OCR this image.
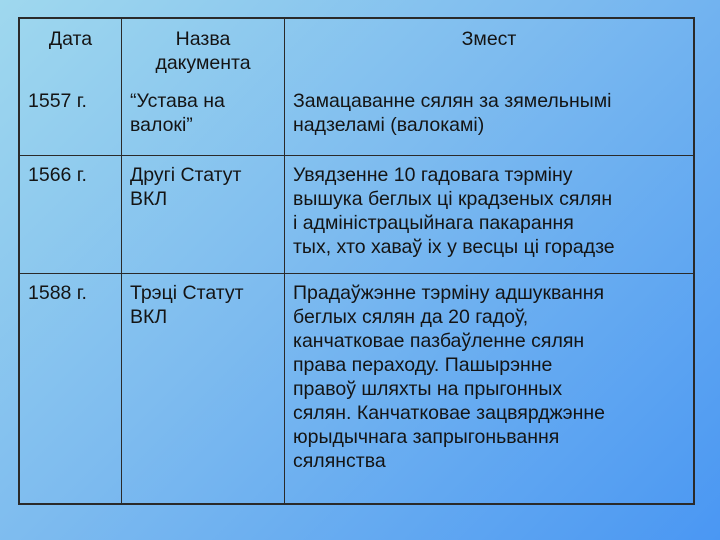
Дата
1557 г.
Назва
дакумента
“Устава на
валокі”
Змест
Замацаванне сялян за зямельнымі
надзеламі (валокамі)
1566 г.	Другі Статут
ВКЛ
Увядзенне 10 гадовага тэрміну
вышука беглых ці крадзеных сялян
і адміністрацыйнага пакарання
тых, хто хаваў іх у весцы ці горадзе
1588 г.	Трэці Статут
ВКЛ
Прадаўжэнне тэрміну адшуквання
беглых сялян да 20 гадоў,
канчатковае пазбаўленне сялян
права пераходу. Пашырэнне
правоў шляхты на прыгонных
сялян. Канчатковае зацвярджэнне
юрыдычнага запрыгоньвання
сялянства
